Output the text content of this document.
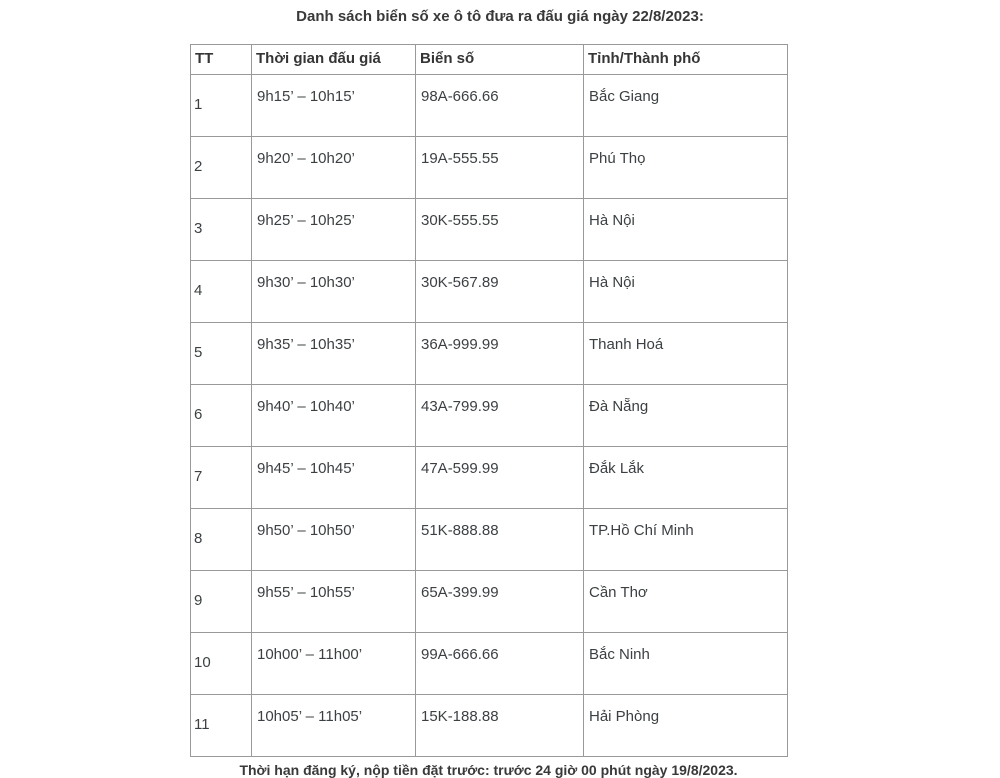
Danh sách biển số xe ô tô đưa ra đấu giá ngày 22/8/2023:
TT	Thời gian đấu giá	Biển số	Tỉnh/Thành phố
1	9h15’ – 10h15’	98A-666.66	Bắc Giang
2	9h20’ – 10h20’	19A-555.55	Phú Thọ
3	9h25’ – 10h25’	30K-555.55	Hà Nội
4	9h30’ – 10h30’	30K-567.89	Hà Nội
5	9h35’ – 10h35’	36A-999.99	Thanh Hoá
6	9h40’ – 10h40’	43A-799.99	Đà Nẵng
7	9h45’ – 10h45’	47A-599.99	Đắk Lắk
8	9h50’ – 10h50’	51K-888.88	TP.Hồ Chí Minh
9	9h55’ – 10h55’	65A-399.99	Cần Thơ
10	10h00’ – 11h00’	99A-666.66	Bắc Ninh
11	10h05’ – 11h05’	15K-188.88	Hải Phòng
Thời hạn đăng ký, nộp tiền đặt trước: trước 24 giờ 00 phút ngày 19/8/2023.
